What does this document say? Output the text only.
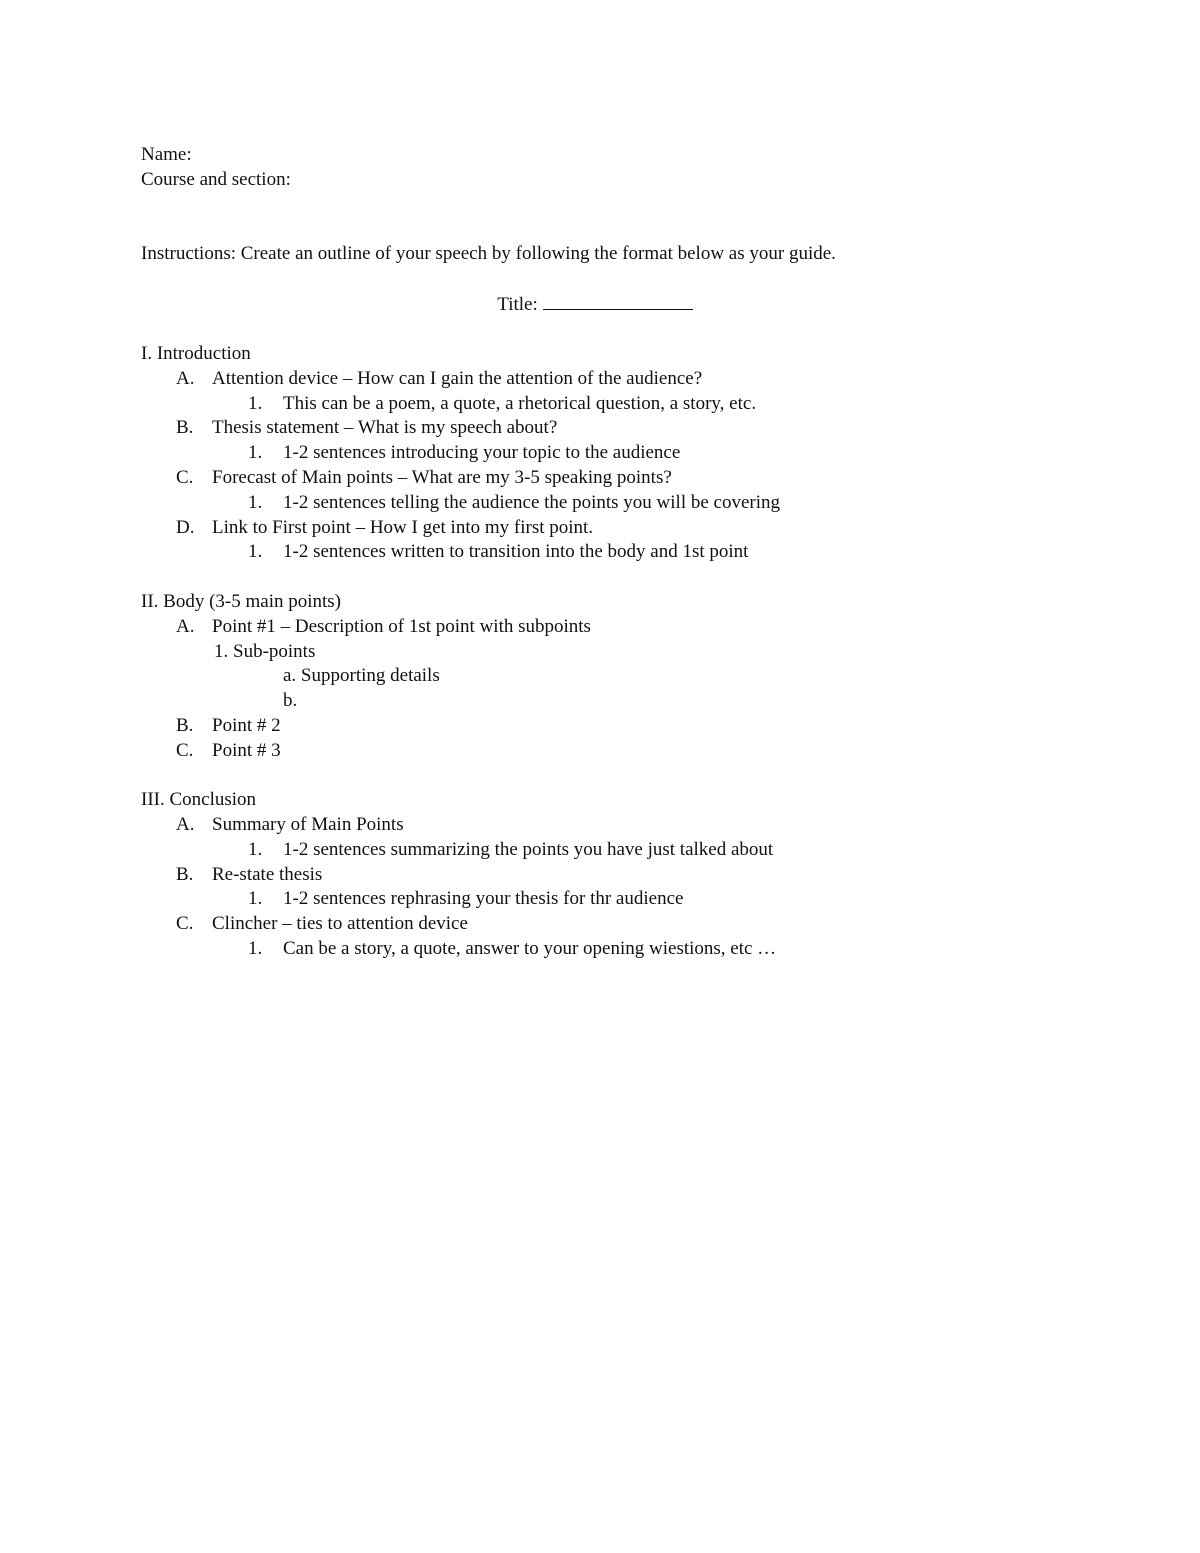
Name:
Course and section:
Instructions: Create an outline of your speech by following the format below as your guide.
Title:
I. Introduction
A. Attention device – How can I gain the attention of the audience?
1. This can be a poem, a quote, a rhetorical question, a story, etc.
B. Thesis statement – What is my speech about?
1. 1-2 sentences introducing your topic to the audience
C. Forecast of Main points – What are my 3-5 speaking points?
1. 1-2 sentences telling the audience the points you will be covering
D. Link to First point – How I get into my first point.
1. 1-2 sentences written to transition into the body and 1st point
II. Body (3-5 main points)
A. Point #1 – Description of 1st point with subpoints
1. Sub-points
a. Supporting details
b.
B. Point # 2
C. Point # 3
III. Conclusion
A. Summary of Main Points
1. 1-2 sentences summarizing the points you have just talked about
B. Re-state thesis
1. 1-2 sentences rephrasing your thesis for thr audience
C. Clincher – ties to attention device
1. Can be a story, a quote, answer to your opening wiestions, etc …
